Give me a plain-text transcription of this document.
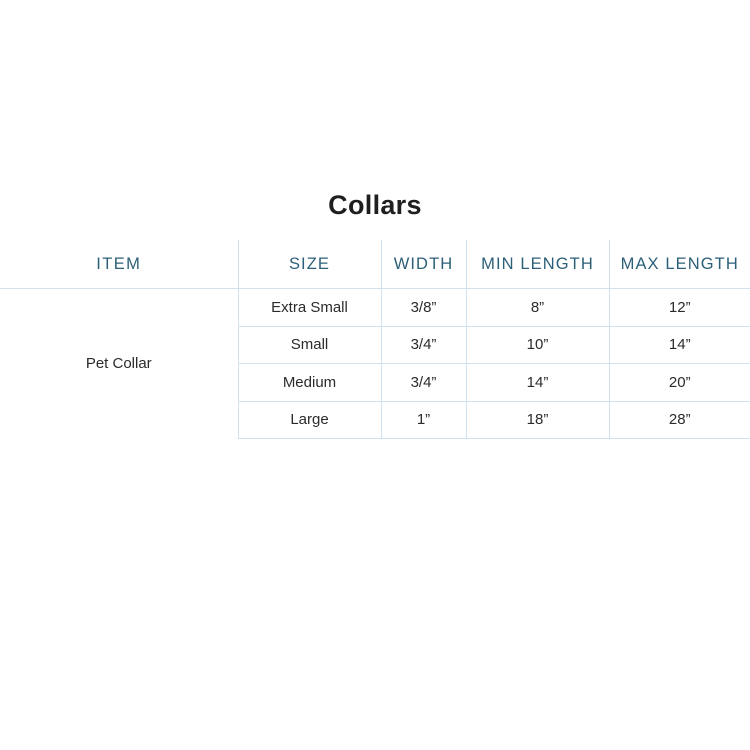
Collars
ITEM	SIZE	WIDTH	MIN LENGTH	MAX LENGTH
Pet Collar	Extra Small	3/8”	8”	12”
	Small	3/4”	10”	14”
	Medium	3/4”	14”	20”
	Large	1”	18”	28”
